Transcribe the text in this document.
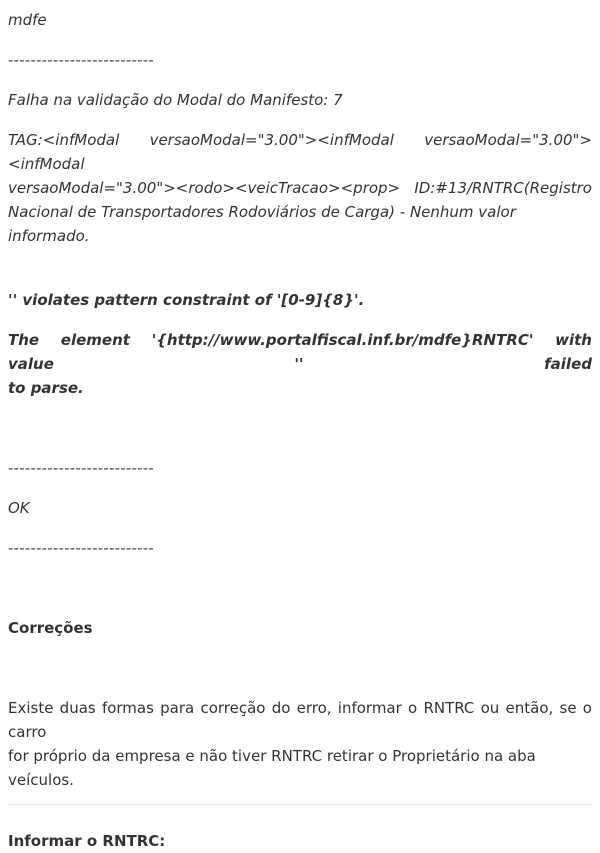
mdfe

--------------------------

Falha na validação do Modal do Manifesto: 7

TAG:<infModal versaoModal="3.00"><infModal versaoModal="3.00"><infModal

versaoModal="3.00"><rodo><veicTracao><prop> ID:#13/RNTRC(Registro

Nacional de Transportadores Rodoviários de Carga) - Nenhum valor informado.

'' violates pattern constraint of '[0-9]{8}'.

The element '{http://www.portalfiscal.inf.br/mdfe}RNTRC' with value '' failed

to parse.

--------------------------

OK

--------------------------

Correções

Existe duas formas para correção do erro, informar o RNTRC ou então, se o carro

for próprio da empresa e não tiver RNTRC retirar o Proprietário na aba veículos.

Informar o RNTRC:
